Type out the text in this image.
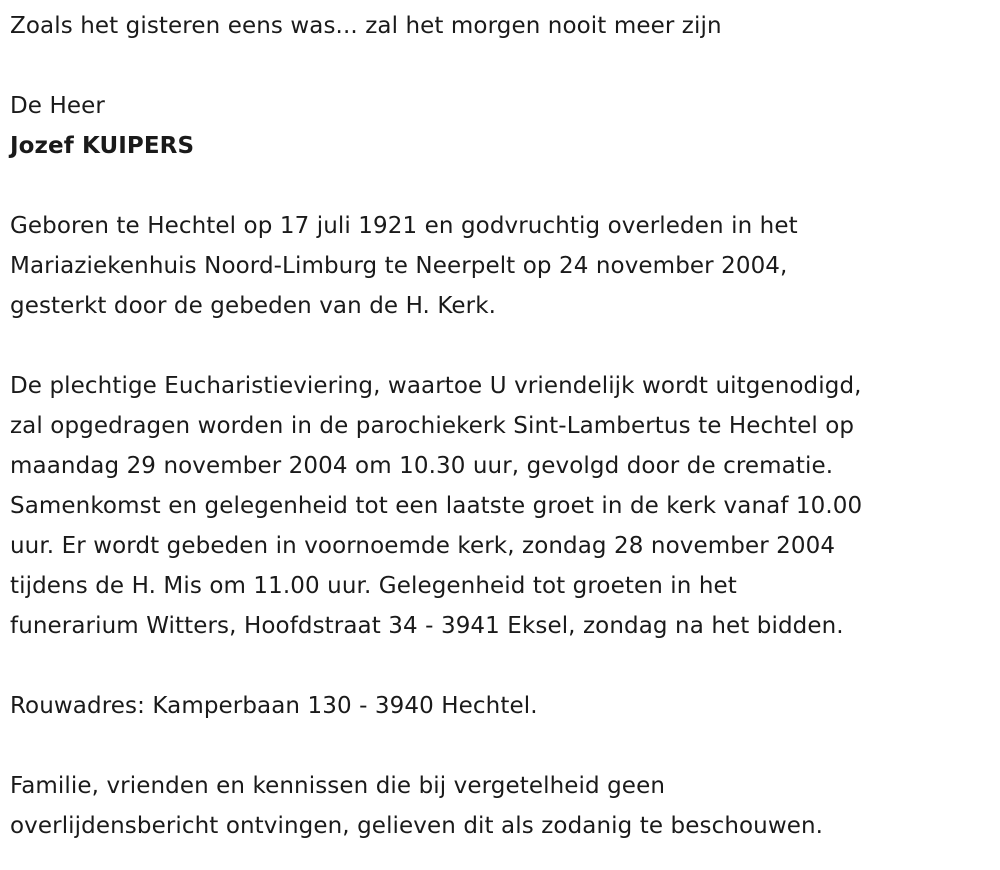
Zoals het gisteren eens was... zal het morgen nooit meer zijn
De Heer
Jozef KUIPERS
Geboren te Hechtel op 17 juli 1921 en godvruchtig overleden in het
Mariaziekenhuis Noord-Limburg te Neerpelt op 24 november 2004,
gesterkt door de gebeden van de H. Kerk.
De plechtige Eucharistieviering, waartoe U vriendelijk wordt uitgenodigd,
zal opgedragen worden in de parochiekerk Sint-Lambertus te Hechtel op
maandag 29 november 2004 om 10.30 uur, gevolgd door de crematie.
Samenkomst en gelegenheid tot een laatste groet in de kerk vanaf 10.00
uur. Er wordt gebeden in voornoemde kerk, zondag 28 november 2004
tijdens de H. Mis om 11.00 uur. Gelegenheid tot groeten in het
funerarium Witters, Hoofdstraat 34 - 3941 Eksel, zondag na het bidden.
Rouwadres: Kamperbaan 130 - 3940 Hechtel.
Familie, vrienden en kennissen die bij vergetelheid geen
overlijdensbericht ontvingen, gelieven dit als zodanig te beschouwen.
